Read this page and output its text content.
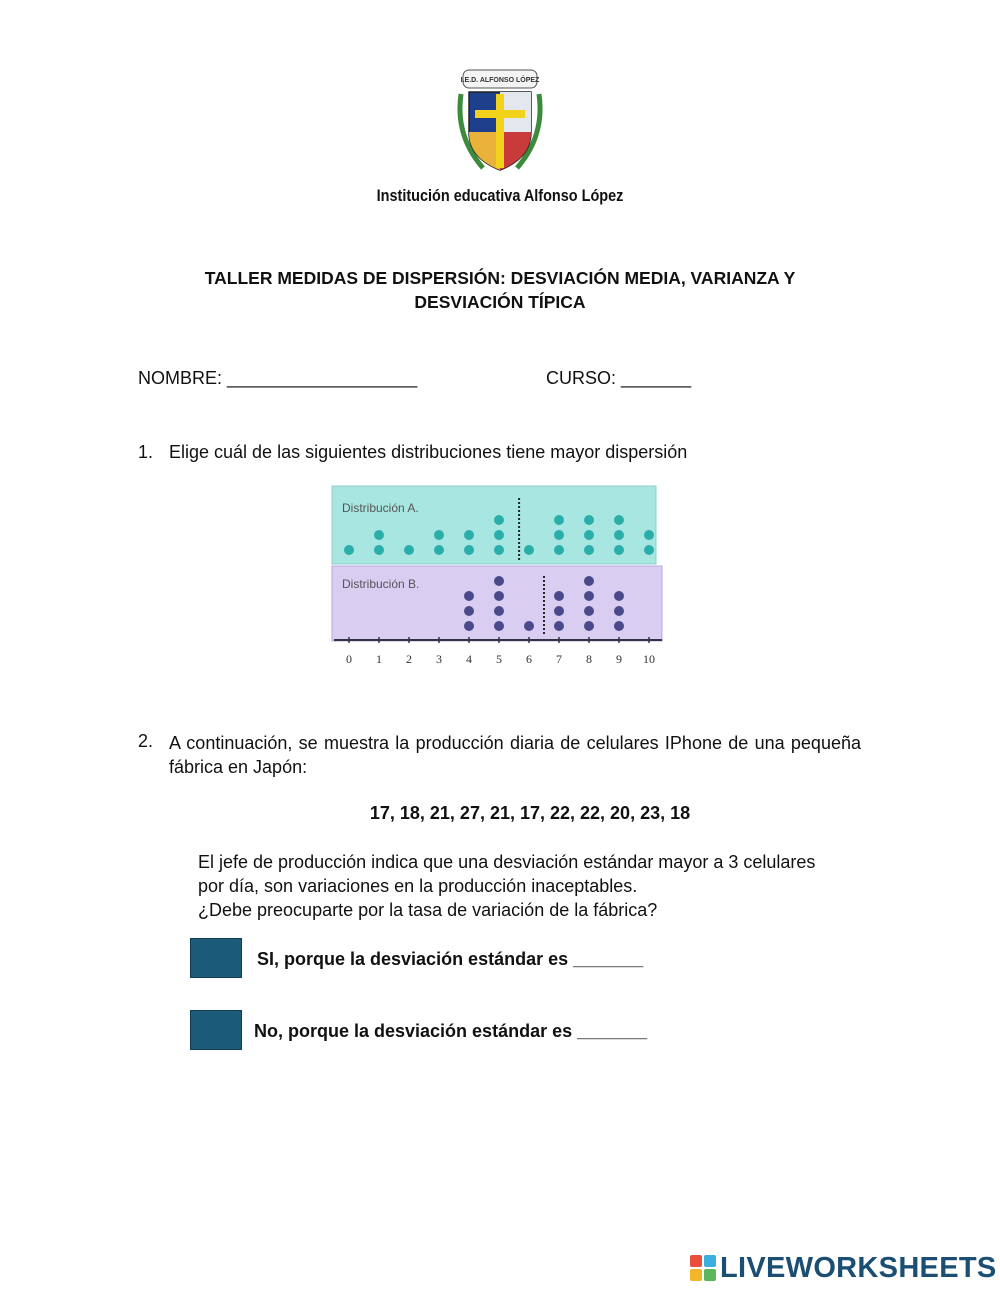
I.E.D. ALFONSO LÓPEZ
Institución educativa Alfonso López
TALLER MEDIDAS DE DISPERSIÓN: DESVIACIÓN MEDIA, VARIANZA Y
DESVIACIÓN TÍPICA
NOMBRE: ___________________	CURSO: _______
1. Elige cuál de las siguientes distribuciones tiene mayor dispersión
Distribución A.
Distribución B.
0 1 2 3 4 5 6 7 8 9 10
2. A continuación, se muestra la producción diaria de celulares IPhone de una pequeña fábrica en Japón:
17, 18, 21, 27, 21, 17, 22, 22, 20, 23, 18
El jefe de producción indica que una desviación estándar mayor a 3 celulares
por día, son variaciones en la producción inaceptables.
¿Debe preocuparte por la tasa de variación de la fábrica?
SI, porque la desviación estándar es _______
No, porque la desviación estándar es _______
LIVEWORKSHEETS
